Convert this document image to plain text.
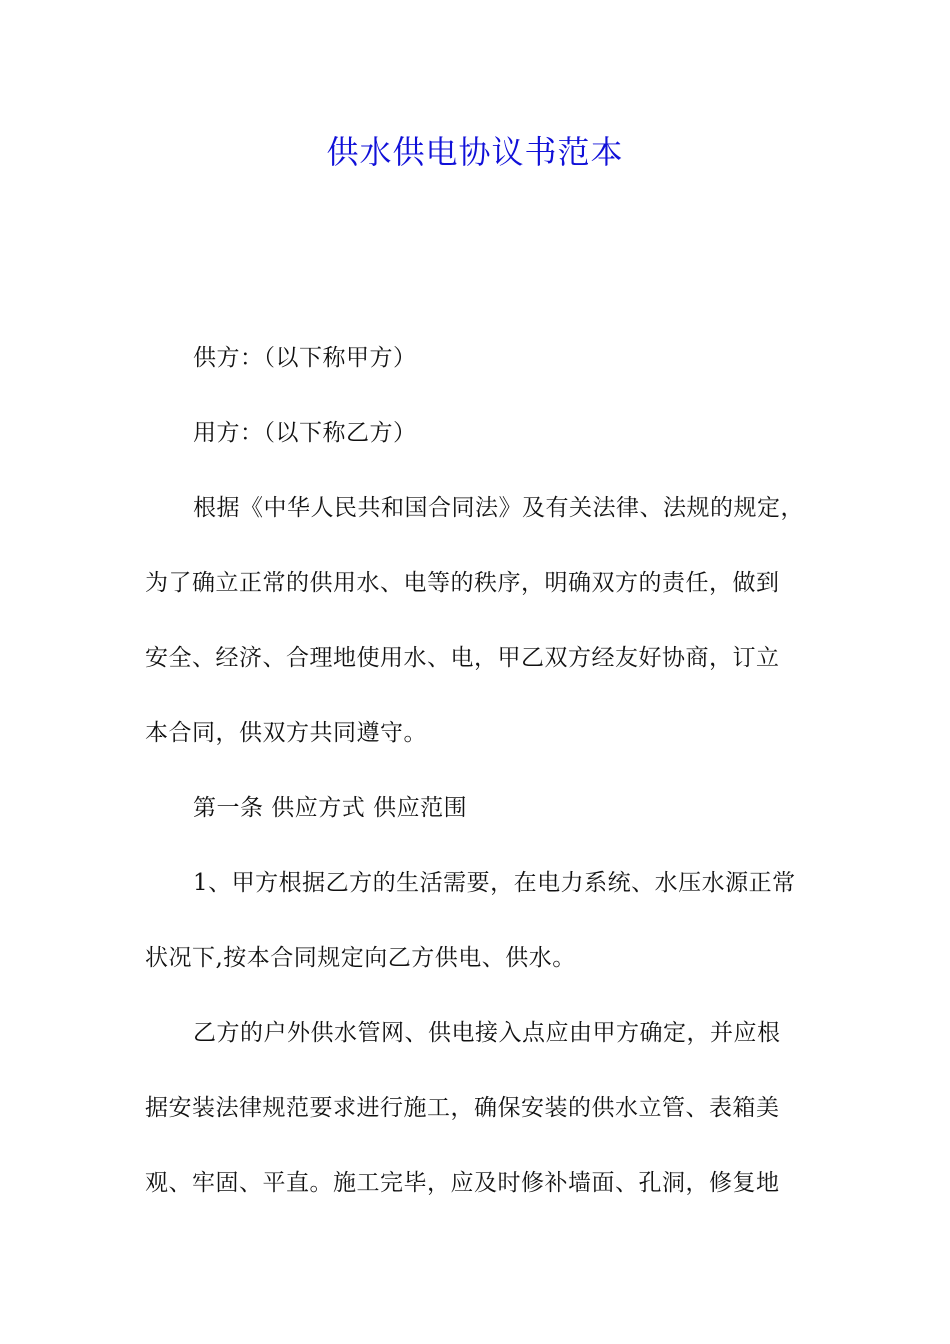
供水供电协议书范本
供方：（以下称甲方）
用方：（以下称乙方）
根据《中华人民共和国合同法》及有关法律、法规的规定，
为了确立正常的供用水、电等的秩序，明确双方的责任，做到
安全、经济、合理地使用水、电，甲乙双方经友好协商，订立
本合同，供双方共同遵守。
第一条 供应方式 供应范围
1、甲方根据乙方的生活需要，在电力系统、水压水源正常
状况下,按本合同规定向乙方供电、供水。
乙方的户外供水管网、供电接入点应由甲方确定，并应根
据安装法律规范要求进行施工，确保安装的供水立管、表箱美
观、牢固、平直。施工完毕，应及时修补墙面、孔洞，修复地
